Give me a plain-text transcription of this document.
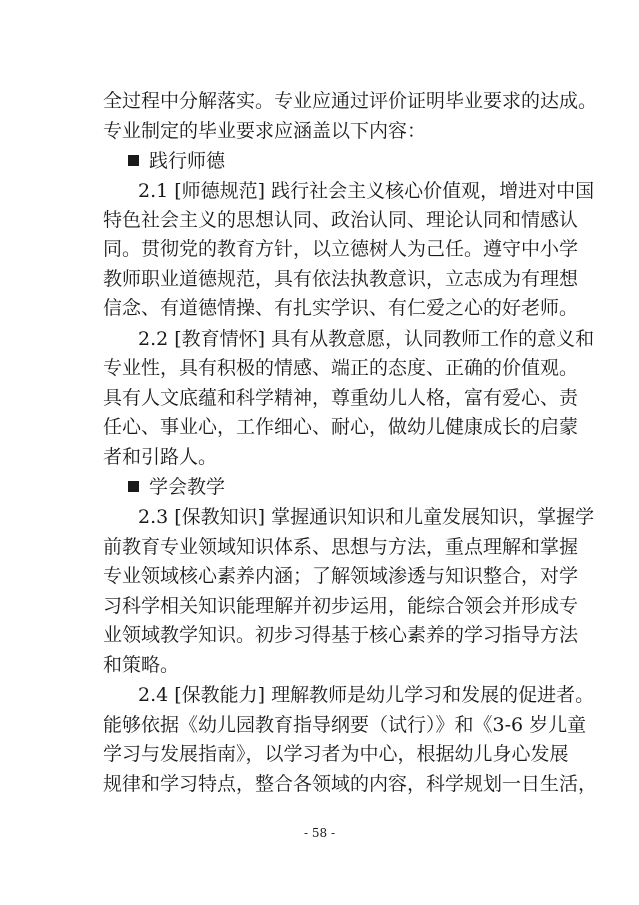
全过程中分解落实。专业应通过评价证明毕业要求的达成。
专业制定的毕业要求应涵盖以下内容：
践行师德
2.1 [师德规范] 践行社会主义核心价值观，增进对中国
特色社会主义的思想认同、政治认同、理论认同和情感认
同。贯彻党的教育方针，以立德树人为己任。遵守中小学
教师职业道德规范，具有依法执教意识，立志成为有理想
信念、有道德情操、有扎实学识、有仁爱之心的好老师。
2.2 [教育情怀] 具有从教意愿，认同教师工作的意义和
专业性，具有积极的情感、端正的态度、正确的价值观。
具有人文底蕴和科学精神，尊重幼儿人格，富有爱心、责
任心、事业心，工作细心、耐心，做幼儿健康成长的启蒙
者和引路人。
学会教学
2.3 [保教知识] 掌握通识知识和儿童发展知识，掌握学
前教育专业领域知识体系、思想与方法，重点理解和掌握
专业领域核心素养内涵；了解领域渗透与知识整合，对学
习科学相关知识能理解并初步运用，能综合领会并形成专
业领域教学知识。初步习得基于核心素养的学习指导方法
和策略。
2.4 [保教能力] 理解教师是幼儿学习和发展的促进者。
能够依据《幼儿园教育指导纲要（试行）》和《3-6 岁儿童
学习与发展指南》，以学习者为中心，根据幼儿身心发展
规律和学习特点，整合各领域的内容，科学规划一日生活，
- 58 -
